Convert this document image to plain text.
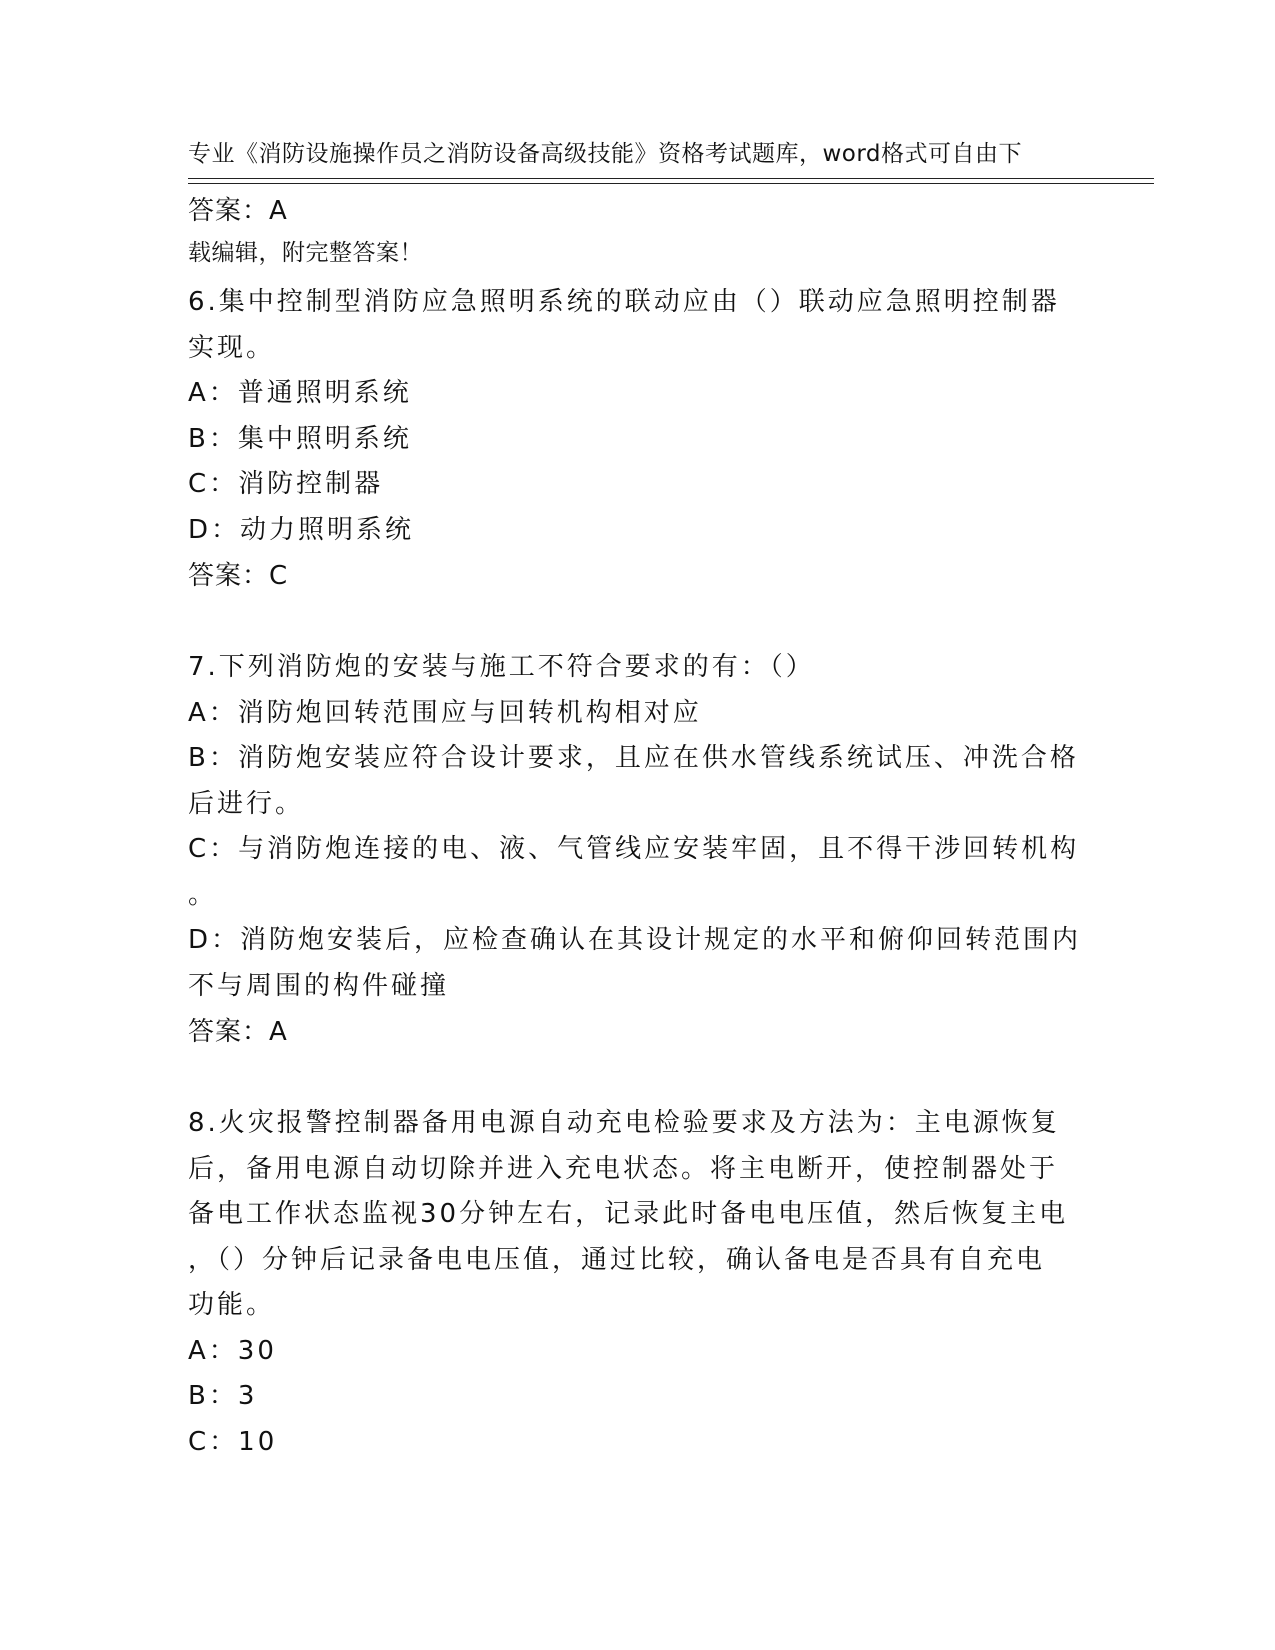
专业《消防设施操作员之消防设备高级技能》资格考试题库，word格式可自由下

载编辑，附完整答案！

答案：A

6.集中控制型消防应急照明系统的联动应由（）联动应急照明控制器

实现。

A：普通照明系统

B：集中照明系统

C：消防控制器

D：动力照明系统

答案：C

7.下列消防炮的安装与施工不符合要求的有：（）

A：消防炮回转范围应与回转机构相对应

B：消防炮安装应符合设计要求，且应在供水管线系统试压、冲洗合格

后进行。

C：与消防炮连接的电、液、气管线应安装牢固，且不得干涉回转机构

。

D：消防炮安装后，应检查确认在其设计规定的水平和俯仰回转范围内

不与周围的构件碰撞

答案：A

8.火灾报警控制器备用电源自动充电检验要求及方法为：主电源恢复

后，备用电源自动切除并进入充电状态。将主电断开，使控制器处于

备电工作状态监视30分钟左右，记录此时备电电压值，然后恢复主电

，（）分钟后记录备电电压值，通过比较，确认备电是否具有自充电

功能。

A：30

B：3

C：10
